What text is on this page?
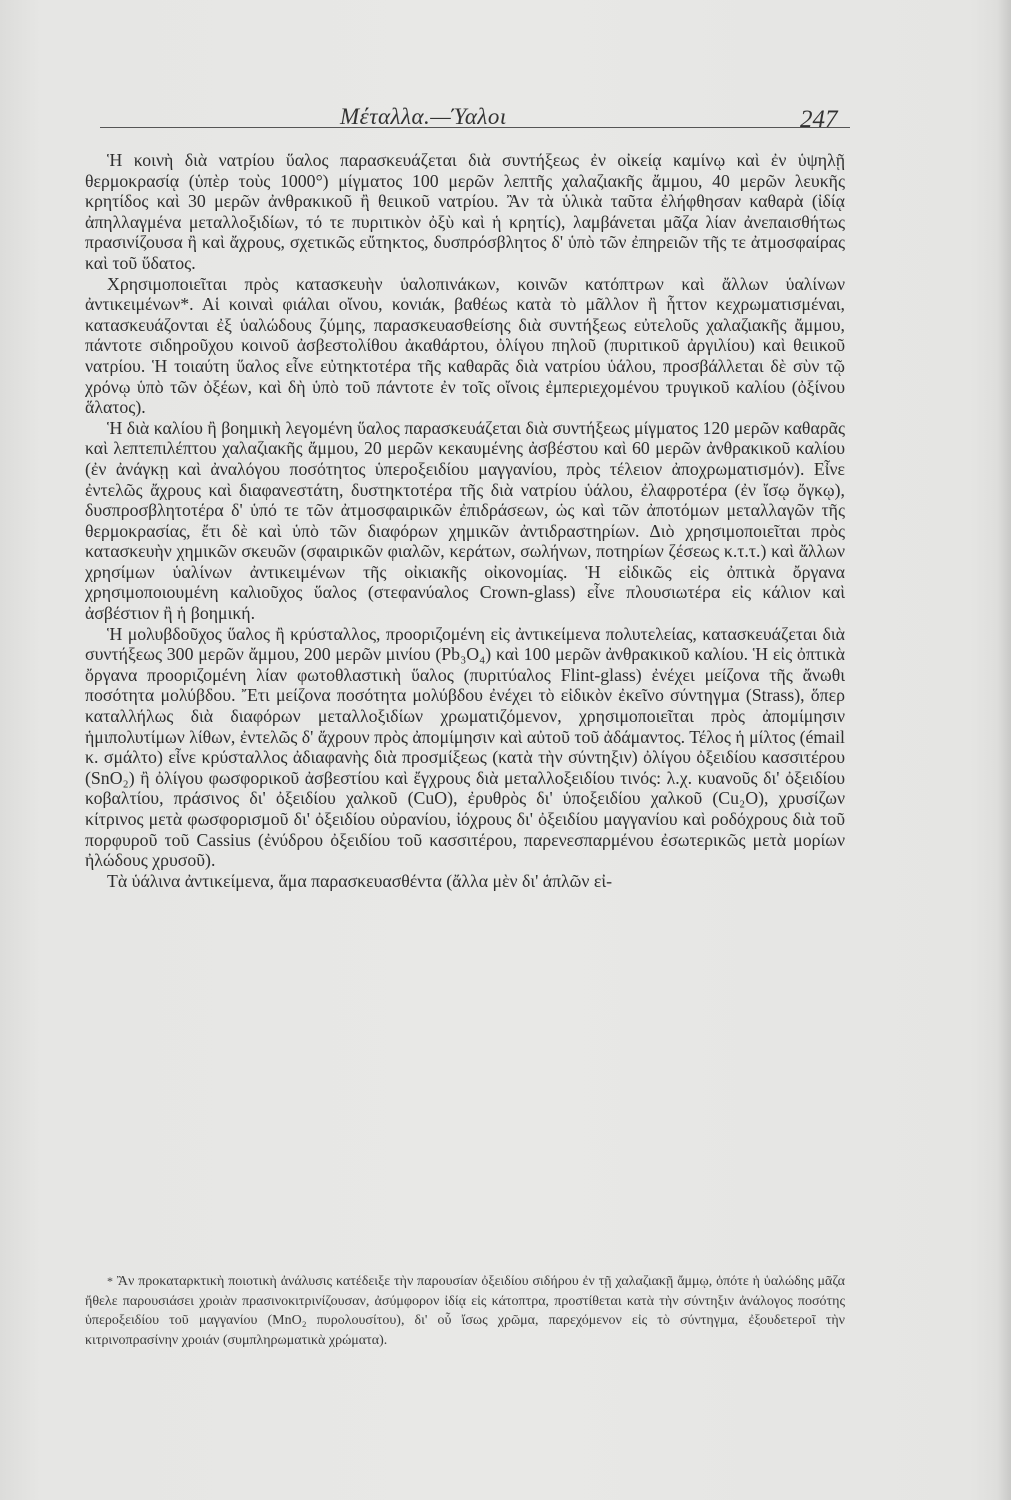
Μέταλλα.—Ύαλοι	247

Ἡ κοινὴ διὰ νατρίου ὕαλος παρασκευάζεται διὰ συντήξεως ἐν οἰκείᾳ καμίνῳ καὶ ἐν ὑψηλῇ θερμοκρασίᾳ (ὑπὲρ τοὺς 1000°) μίγματος 100 μερῶν λεπτῆς χαλαζιακῆς ἄμμου, 40 μερῶν λευκῆς κρητίδος καὶ 30 μερῶν ἀνθρακικοῦ ἢ θειικοῦ νατρίου. Ἂν τὰ ὑλικὰ ταῦτα ἐλήφθησαν καθαρὰ (ἰδίᾳ ἀπηλλαγμένα μεταλλοξιδίων, τό τε πυριτικὸν ὀξὺ καὶ ἡ κρητίς), λαμβάνεται μᾶζα λίαν ἀνεπαισθήτως πρασινίζουσα ἢ καὶ ἄχρους, σχετικῶς εὔτηκτος, δυσπρόσβλητος δ' ὑπὸ τῶν ἐπηρειῶν τῆς τε ἀτμοσφαίρας καὶ τοῦ ὕδατος.

Χρησιμοποιεῖται πρὸς κατασκευὴν ὑαλοπινάκων, κοινῶν κατόπτρων καὶ ἄλλων ὑαλίνων ἀντικειμένων*. Αἱ κοιναὶ φιάλαι οἴνου, κονιάκ, βαθέως κατὰ τὸ μᾶλλον ἢ ἧττον κεχρωματισμέναι, κατασκευάζονται ἐξ ὑαλώδους ζύμης, παρασκευασθείσης διὰ συντήξεως εὐτελοῦς χαλαζιακῆς ἄμμου, πάντοτε σιδηροῦχου κοινοῦ ἀσβεστολίθου ἀκαθάρτου, ὀλίγου πηλοῦ (πυριτικοῦ ἀργιλίου) καὶ θειικοῦ νατρίου. Ἡ τοιαύτη ὕαλος εἶνε εὐτηκτοτέρα τῆς καθαρᾶς διὰ νατρίου ὑάλου, προσβάλλεται δὲ σὺν τῷ χρόνῳ ὑπὸ τῶν ὀξέων, καὶ δὴ ὑπὸ τοῦ πάντοτε ἐν τοῖς οἴνοις ἐμπεριεχομένου τρυγικοῦ καλίου (ὀξίνου ἅλατος).

Ἡ διὰ καλίου ἢ βοημικὴ λεγομένη ὕαλος παρασκευάζεται διὰ συντήξεως μίγματος 120 μερῶν καθαρᾶς καὶ λεπτεπιλέπτου χαλαζιακῆς ἄμμου, 20 μερῶν κεκαυμένης ἀσβέστου καὶ 60 μερῶν ἀνθρακικοῦ καλίου (ἐν ἀνάγκῃ καὶ ἀναλόγου ποσότητος ὑπεροξειδίου μαγγανίου, πρὸς τέλειον ἀποχρωματισμόν). Εἶνε ἐντελῶς ἄχρους καὶ διαφανεστάτη, δυστηκτοτέρα τῆς διὰ νατρίου ὑάλου, ἐλαφροτέρα (ἐν ἴσῳ ὄγκῳ), δυσπροσβλητοτέρα δ' ὑπό τε τῶν ἀτμοσφαιρικῶν ἐπιδράσεων, ὡς καὶ τῶν ἀποτόμων μεταλλαγῶν τῆς θερμοκρασίας, ἔτι δὲ καὶ ὑπὸ τῶν διαφόρων χημικῶν ἀντιδραστηρίων. Διὸ χρησιμοποιεῖται πρὸς κατασκευὴν χημικῶν σκευῶν (σφαιρικῶν φιαλῶν, κεράτων, σωλήνων, ποτηρίων ζέσεως κ.τ.τ.) καὶ ἄλλων χρησίμων ὑαλίνων ἀντικειμένων τῆς οἰκιακῆς οἰκονομίας. Ἡ εἰδικῶς εἰς ὀπτικὰ ὄργανα χρησιμοποιουμένη καλιοῦχος ὕαλος (στεφανύαλος Crown-glass) εἶνε πλουσιωτέρα εἰς κάλιον καὶ ἀσβέστιον ἢ ἡ βοημική.

Ἡ μολυβδοῦχος ὕαλος ἢ κρύσταλλος, προοριζομένη εἰς ἀντικείμενα πολυτελείας, κατασκευάζεται διὰ συντήξεως 300 μερῶν ἄμμου, 200 μερῶν μινίου (Pb₃O₄) καὶ 100 μερῶν ἀνθρακικοῦ καλίου. Ἡ εἰς ὀπτικὰ ὄργανα προοριζομένη λίαν φωτοθλαστικὴ ὕαλος (πυριτύαλος Flint-glass) ἐνέχει μείζονα τῆς ἄνωθι ποσότητα μολύβδου. Ἔτι μείζονα ποσότητα μολύβδου ἐνέχει τὸ εἰδικὸν ἐκεῖνο σύντηγμα (Strass), ὅπερ καταλλήλως διὰ διαφόρων μεταλλοξιδίων χρωματιζόμενον, χρησιμοποιεῖται πρὸς ἀπομίμησιν ἡμιπολυτίμων λίθων, ἐντελῶς δ' ἄχρουν πρὸς ἀπομίμησιν καὶ αὐτοῦ τοῦ ἀδάμαντος. Τέλος ἡ μίλτος (émail κ. σμάλτο) εἶνε κρύσταλλος ἀδιαφανὴς διὰ προσμίξεως (κατὰ τὴν σύντηξιν) ὀλίγου ὀξειδίου κασσιτέρου (SnO₂) ἢ ὀλίγου φωσφορικοῦ ἀσβεστίου καὶ ἔγχρους διὰ μεταλλοξειδίου τινός: λ.χ. κυανοῦς δι' ὀξειδίου κοβαλτίου, πράσινος δι' ὀξειδίου χαλκοῦ (CuO), ἐρυθρὸς δι' ὑποξειδίου χαλκοῦ (Cu₂O), χρυσίζων κίτρινος μετὰ φωσφορισμοῦ δι' ὀξειδίου οὐρανίου, ἰόχρους δι' ὀξειδίου μαγγανίου καὶ ροδόχρους διὰ τοῦ πορφυροῦ τοῦ Cassius (ἐνύδρου ὀξειδίου τοῦ κασσιτέρου, παρενεσπαρμένου ἐσωτερικῶς μετὰ μορίων ἠλώδους χρυσοῦ).

Τὰ ὑάλινα ἀντικείμενα, ἅμα παρασκευασθέντα (ἄλλα μὲν δι' ἁπλῶν εἰ-

* Ἂν προκαταρκτικὴ ποιοτικὴ ἀνάλυσις κατέδειξε τὴν παρουσίαν ὀξειδίου σιδήρου ἐν τῇ χαλαζιακῇ ἄμμῳ, ὁπότε ἡ ὑαλώδης μᾶζα ἤθελε παρουσιάσει χροιὰν πρασινοκιτρινίζουσαν, ἀσύμφορον ἰδίᾳ εἰς κάτοπτρα, προστίθεται κατὰ τὴν σύντηξιν ἀνάλογος ποσότης ὑπεροξειδίου τοῦ μαγγανίου (MnO₂ πυρολουσίτου), δι' οὗ ἴσως χρῶμα, παρεχόμενον εἰς τὸ σύντηγμα, ἐξουδετεροῖ τὴν κιτρινοπρασίνην χροιάν (συμπληρωματικὰ χρώματα).
